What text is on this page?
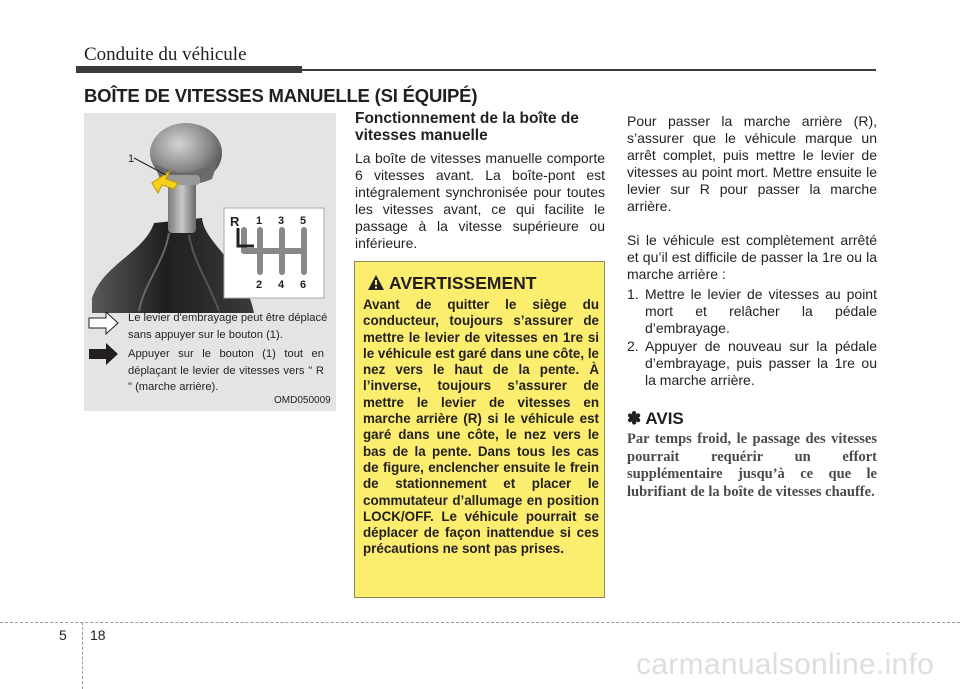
Conduite du véhicule
BOÎTE DE VITESSES MANUELLE (SI ÉQUIPÉ)
1
R 1 3 5
2 4 6
Le levier d'embrayage peut être déplacé sans appuyer sur le bouton (1).
Appuyer sur le bouton (1) tout en déplaçant le levier de vitesses vers " R " (marche arrière).
OMD050009
Fonctionnement de la boîte de vitesses manuelle
La boîte de vitesses manuelle comporte 6 vitesses avant. La boîte-pont est intégralement synchronisée pour toutes les vitesses avant, ce qui facilite le passage à la vitesse supérieure ou inférieure.
AVERTISSEMENT
Avant de quitter le siège du conducteur, toujours s’assurer de mettre le levier de vitesses en 1re si le véhicule est garé dans une côte, le nez vers le haut de la pente. À l’inverse, toujours s’assurer de mettre le levier de vitesses en marche arrière (R) si le véhicule est garé dans une côte, le nez vers le bas de la pente. Dans tous les cas de figure, enclencher ensuite le frein de stationnement et placer le commutateur d’allumage en position LOCK/OFF. Le véhicule pourrait se déplacer de façon inattendue si ces précautions ne sont pas prises.
Pour passer la marche arrière (R), s’assurer que le véhicule marque un arrêt complet, puis mettre le levier de vitesses au point mort. Mettre ensuite le levier sur R pour passer la marche arrière.
Si le véhicule est complètement arrêté et qu’il est difficile de passer la 1re ou la marche arrière :
1. Mettre le levier de vitesses au point mort et relâcher la pédale d’embrayage.
2. Appuyer de nouveau sur la pédale d’embrayage, puis passer la 1re ou la marche arrière.
✽ AVIS
Par temps froid, le passage des vitesses pourrait requérir un effort supplémentaire jusqu’à ce que le lubrifiant de la boîte de vitesses chauffe.
5 18
carmanualsonline.info
